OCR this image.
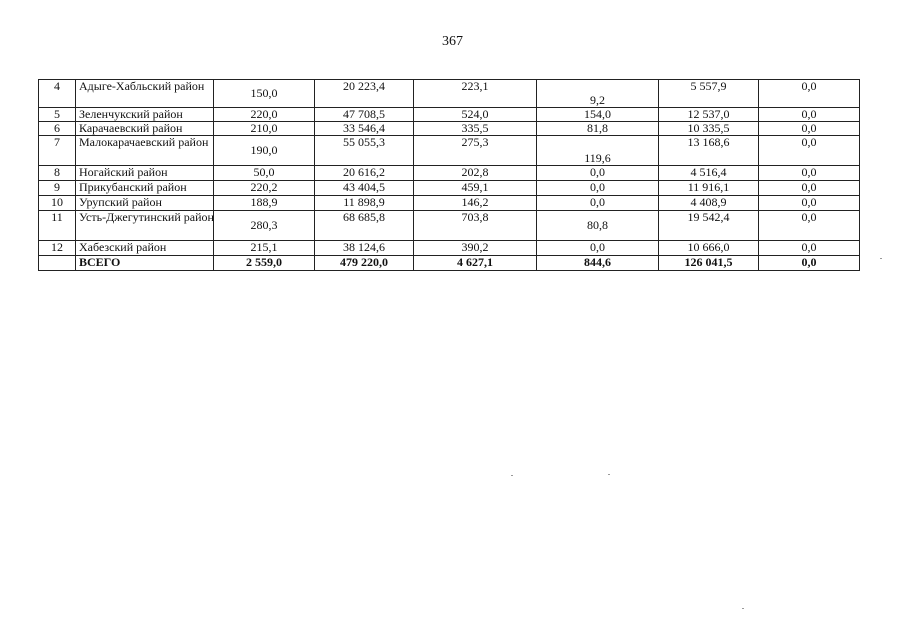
367
4	Адыге-Хабльский район	150,0	20 223,4	223,1	9,2	5 557,9	0,0
5	Зеленчукский район	220,0	47 708,5	524,0	154,0	12 537,0	0,0
6	Карачаевский район	210,0	33 546,4	335,5	81,8	10 335,5	0,0
7	Малокарачаевский район	190,0	55 055,3	275,3	119,6	13 168,6	0,0
8	Ногайский район	50,0	20 616,2	202,8	0,0	4 516,4	0,0
9	Прикубанский район	220,2	43 404,5	459,1	0,0	11 916,1	0,0
10	Урупский район	188,9	11 898,9	146,2	0,0	4 408,9	0,0
11	Усть-Джегутинский район	280,3	68 685,8	703,8	80,8	19 542,4	0,0
12	Хабезский район	215,1	38 124,6	390,2	0,0	10 666,0	0,0
	ВСЕГО	2 559,0	479 220,0	4 627,1	844,6	126 041,5	0,0
